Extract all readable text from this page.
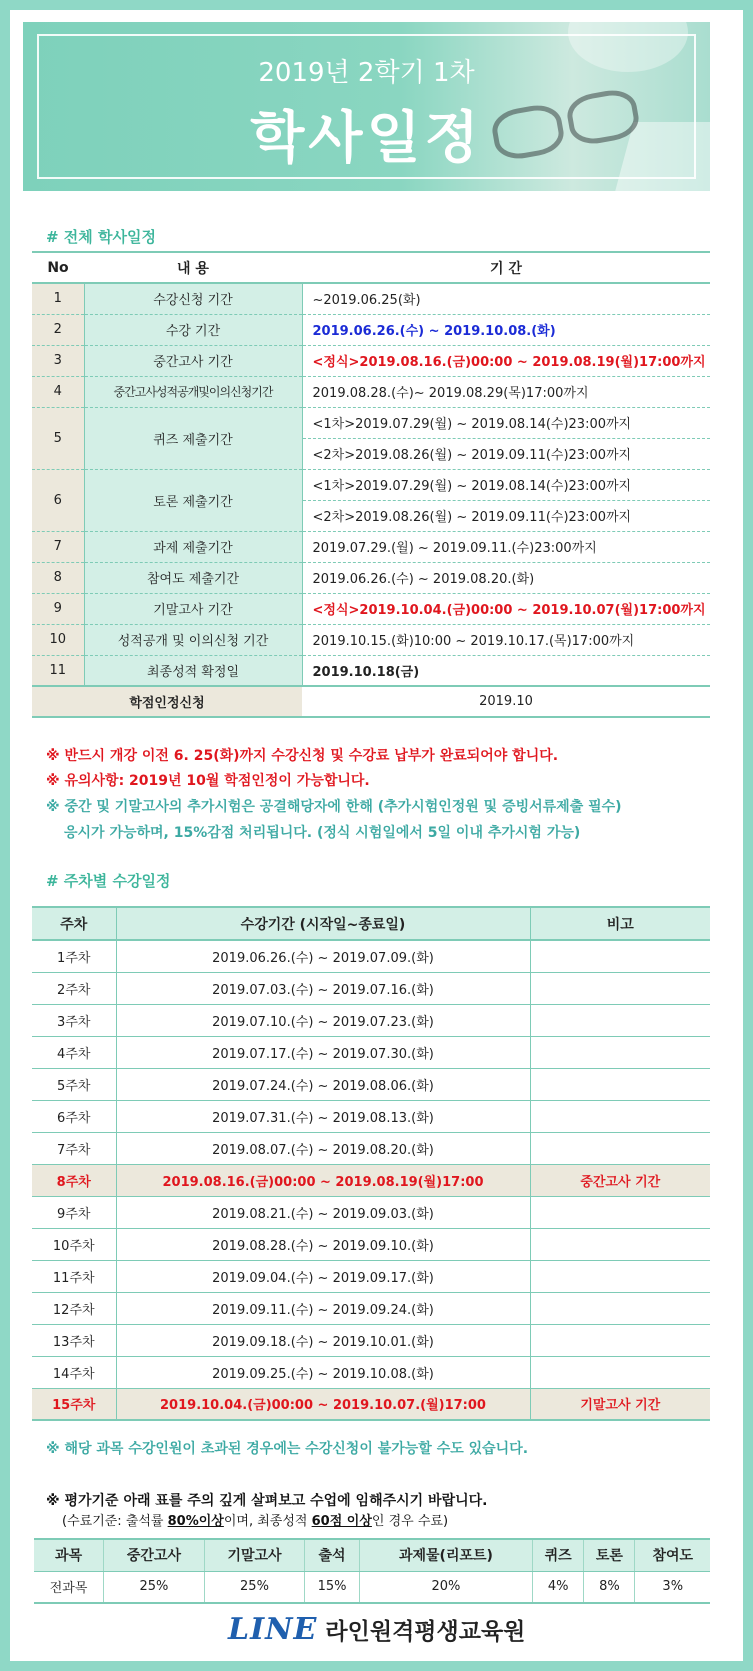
2019년 2학기 1차
학사일정
# 전체 학사일정
No	내 용	기 간
1	수강신청 기간	~2019.06.25(화)
2	수강 기간	2019.06.26.(수) ~ 2019.10.08.(화)
3	중간고사 기간	<정식>2019.08.16.(금)00:00 ~ 2019.08.19(월)17:00까지
4	중간고사성적공개및이의신청기간	2019.08.28.(수)~ 2019.08.29(목)17:00까지
5	퀴즈 제출기간	<1차>2019.07.29(월) ~ 2019.08.14(수)23:00까지
		<2차>2019.08.26(월) ~ 2019.09.11(수)23:00까지
6	토론 제출기간	<1차>2019.07.29(월) ~ 2019.08.14(수)23:00까지
		<2차>2019.08.26(월) ~ 2019.09.11(수)23:00까지
7	과제 제출기간	2019.07.29.(월) ~ 2019.09.11.(수)23:00까지
8	참여도 제출기간	2019.06.26.(수) ~ 2019.08.20.(화)
9	기말고사 기간	<정식>2019.10.04.(금)00:00 ~ 2019.10.07(월)17:00까지
10	성적공개 및 이의신청 기간	2019.10.15.(화)10:00 ~ 2019.10.17.(목)17:00까지
11	최종성적 확정일	2019.10.18(금)
학점인정신청		2019.10
※ 반드시 개강 이전 6. 25(화)까지 수강신청 및 수강료 납부가 완료되어야 합니다.
※ 유의사항: 2019년 10월 학점인정이 가능합니다.
※ 중간 및 기말고사의 추가시험은 공결해당자에 한해 (추가시험인정원 및 증빙서류제출 필수)
응시가 가능하며, 15%감점 처리됩니다. (정식 시험일에서 5일 이내 추가시험 가능)
# 주차별 수강일정
주차	수강기간 (시작일~종료일)	비고
1주차	2019.06.26.(수) ~ 2019.07.09.(화)	
2주차	2019.07.03.(수) ~ 2019.07.16.(화)	
3주차	2019.07.10.(수) ~ 2019.07.23.(화)	
4주차	2019.07.17.(수) ~ 2019.07.30.(화)	
5주차	2019.07.24.(수) ~ 2019.08.06.(화)	
6주차	2019.07.31.(수) ~ 2019.08.13.(화)	
7주차	2019.08.07.(수) ~ 2019.08.20.(화)	
8주차	2019.08.16.(금)00:00 ~ 2019.08.19(월)17:00	중간고사 기간
9주차	2019.08.21.(수) ~ 2019.09.03.(화)	
10주차	2019.08.28.(수) ~ 2019.09.10.(화)	
11주차	2019.09.04.(수) ~ 2019.09.17.(화)	
12주차	2019.09.11.(수) ~ 2019.09.24.(화)	
13주차	2019.09.18.(수) ~ 2019.10.01.(화)	
14주차	2019.09.25.(수) ~ 2019.10.08.(화)	
15주차	2019.10.04.(금)00:00 ~ 2019.10.07.(월)17:00	기말고사 기간
※ 해당 과목 수강인원이 초과된 경우에는 수강신청이 불가능할 수도 있습니다.
※ 평가기준 아래 표를 주의 깊게 살펴보고 수업에 임해주시기 바랍니다.
(수료기준: 출석률 80%이상이며, 최종성적 60점 이상인 경우 수료)
과목	중간고사	기말고사	출석	과제물(리포트)	퀴즈	토론	참여도
전과목	25%	25%	15%	20%	4%	8%	3%
LINE 라인원격평생교육원
